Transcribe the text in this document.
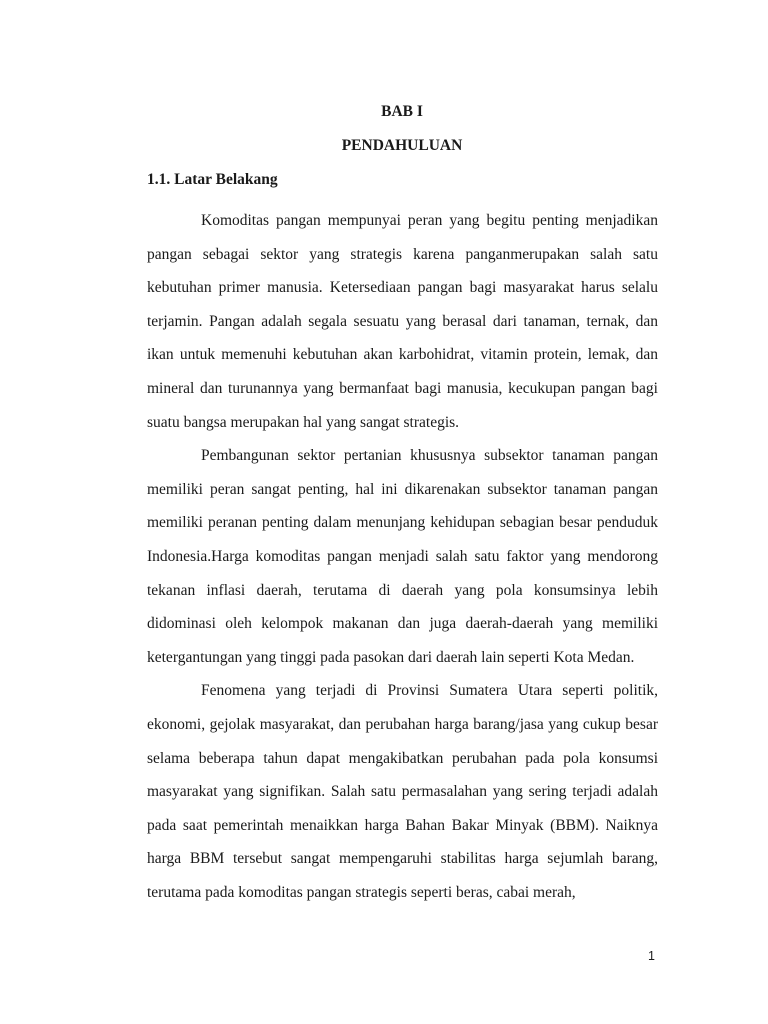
BAB I
PENDAHULUAN
1.1. Latar Belakang

Komoditas pangan mempunyai peran yang begitu penting menjadikan pangan sebagai sektor yang strategis karena panganmerupakan salah satu kebutuhan primer manusia. Ketersediaan pangan bagi masyarakat harus selalu terjamin. Pangan adalah segala sesuatu yang berasal dari tanaman, ternak, dan ikan untuk memenuhi kebutuhan akan karbohidrat, vitamin protein, lemak, dan mineral dan turunannya yang bermanfaat bagi manusia, kecukupan pangan bagi suatu bangsa merupakan hal yang sangat strategis.

Pembangunan sektor pertanian khususnya subsektor tanaman pangan memiliki peran sangat penting, hal ini dikarenakan subsektor tanaman pangan memiliki peranan penting dalam menunjang kehidupan sebagian besar penduduk Indonesia.Harga komoditas pangan menjadi salah satu faktor yang mendorong tekanan inflasi daerah, terutama di daerah yang pola konsumsinya lebih didominasi oleh kelompok makanan dan juga daerah-daerah yang memiliki ketergantungan yang tinggi pada pasokan dari daerah lain seperti Kota Medan.

Fenomena yang terjadi di Provinsi Sumatera Utara seperti politik, ekonomi, gejolak masyarakat, dan perubahan harga barang/jasa yang cukup besar selama beberapa tahun dapat mengakibatkan perubahan pada pola konsumsi masyarakat yang signifikan. Salah satu permasalahan yang sering terjadi adalah pada saat pemerintah menaikkan harga Bahan Bakar Minyak (BBM). Naiknya harga BBM tersebut sangat mempengaruhi stabilitas harga sejumlah barang, terutama pada komoditas pangan strategis seperti beras, cabai merah,

1
